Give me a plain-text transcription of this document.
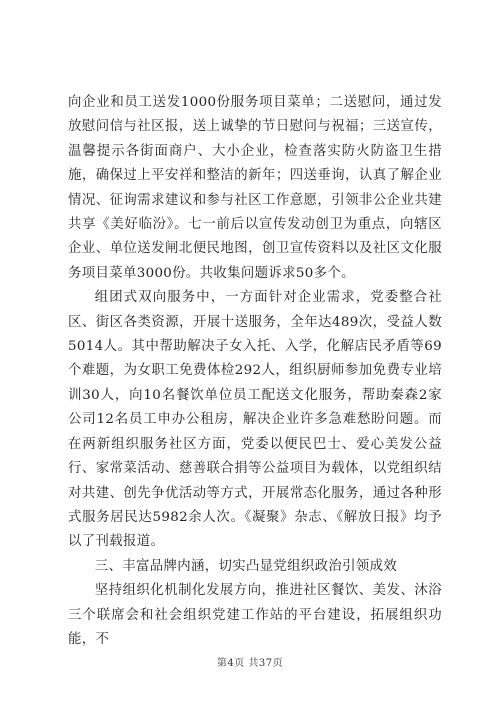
向企业和员工送发1000份服务项目菜单；二送慰问，通过发放慰问信与社区报，送上诚挚的节日慰问与祝福；三送宣传，温馨提示各街面商户、大小企业，检查落实防火防盗卫生措施，确保过上平安祥和整洁的新年；四送垂询，认真了解企业情况、征询需求建议和参与社区工作意愿，引领非公企业共建共享《美好临汾》。七一前后以宣传发动创卫为重点，向辖区企业、单位送发闸北便民地图，创卫宣传资料以及社区文化服务项目菜单3000份。共收集问题诉求50多个。

组团式双向服务中，一方面针对企业需求，党委整合社区、街区各类资源，开展十送服务，全年达489次，受益人数5014人。其中帮助解决子女入托、入学，化解店民矛盾等69个难题，为女职工免费体检292人，组织厨师参加免费专业培训30人，向10名餐饮单位员工配送文化服务，帮助秦森2家公司12名员工申办公租房，解决企业许多急难愁盼问题。而在两新组织服务社区方面，党委以便民巴士、爱心美发公益行、家常菜活动、慈善联合捐等公益项目为载体，以党组织结对共建、创先争优活动等方式，开展常态化服务，通过各种形式服务居民达5982余人次。《凝聚》杂志、《解放日报》均予以了刊载报道。

三、丰富品牌内涵，切实凸显党组织政治引领成效

坚持组织化机制化发展方向，推进社区餐饮、美发、沐浴三个联席会和社会组织党建工作站的平台建设，拓展组织功能，不

第4页 共37页
